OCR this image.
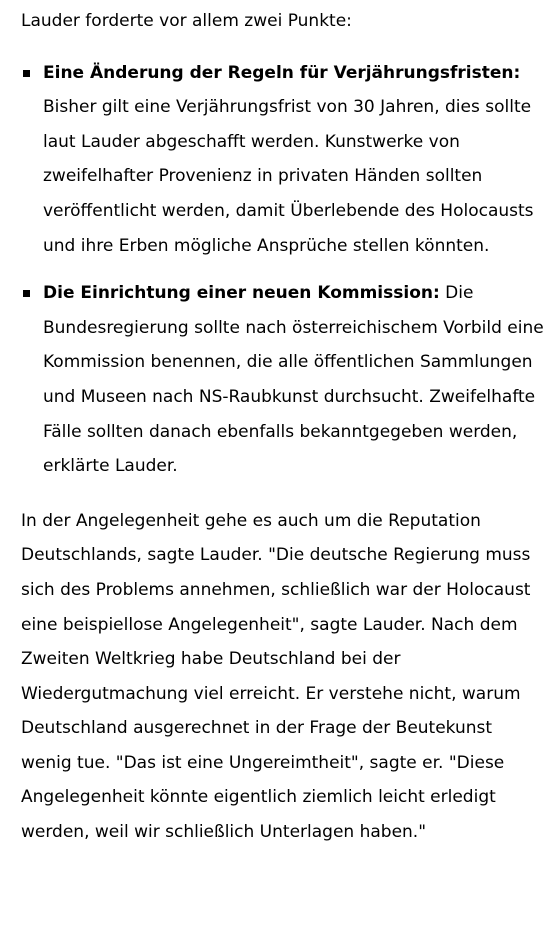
Lauder forderte vor allem zwei Punkte:

Eine Änderung der Regeln für Verjährungsfristen: Bisher gilt eine Verjährungsfrist von 30 Jahren, dies sollte laut Lauder abgeschafft werden. Kunstwerke von zweifelhafter Provenienz in privaten Händen sollten veröffentlicht werden, damit Überlebende des Holocausts und ihre Erben mögliche Ansprüche stellen könnten.
Die Einrichtung einer neuen Kommission: Die Bundesregierung sollte nach österreichischem Vorbild eine Kommission benennen, die alle öffentlichen Sammlungen und Museen nach NS-Raubkunst durchsucht. Zweifelhafte Fälle sollten danach ebenfalls bekanntgegeben werden, erklärte Lauder.

In der Angelegenheit gehe es auch um die Reputation Deutschlands, sagte Lauder. "Die deutsche Regierung muss sich des Problems annehmen, schließlich war der Holocaust eine beispiellose Angelegenheit", sagte Lauder. Nach dem Zweiten Weltkrieg habe Deutschland bei der Wiedergutmachung viel erreicht. Er verstehe nicht, warum Deutschland ausgerechnet in der Frage der Beutekunst wenig tue. "Das ist eine Ungereimtheit", sagte er. "Diese Angelegenheit könnte eigentlich ziemlich leicht erledigt werden, weil wir schließlich Unterlagen haben."
